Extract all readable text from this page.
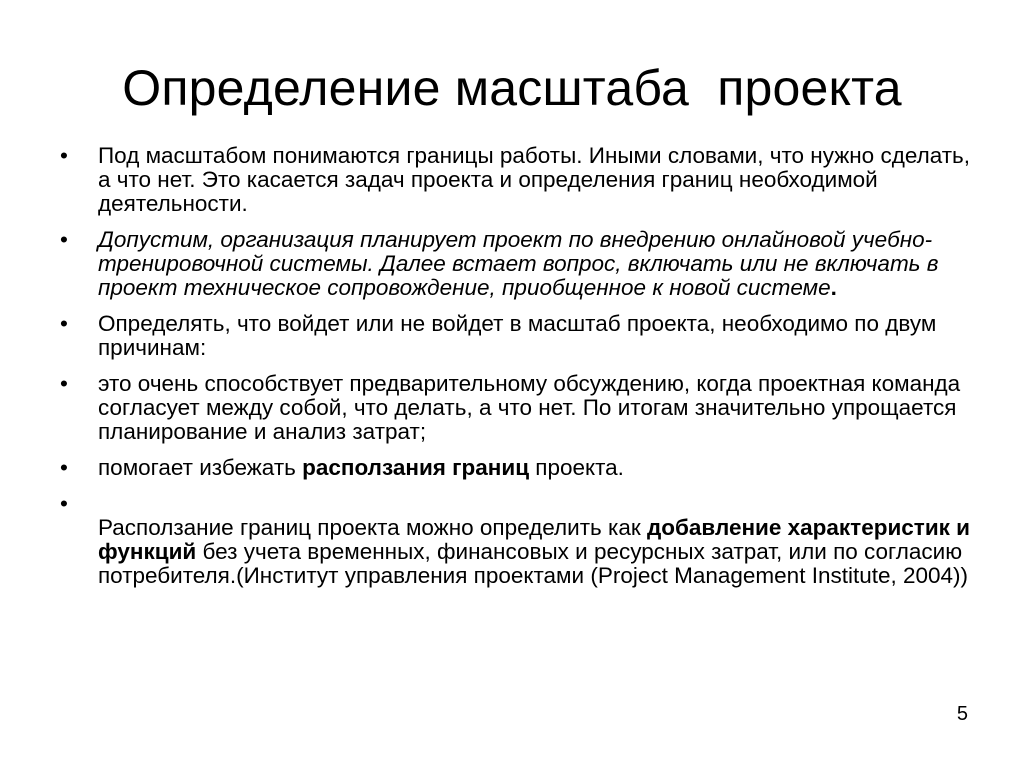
Определение масштаба  проекта
•	Под масштабом понимаются границы работы. Иными словами, что нужно сделать, а что нет. Это касается задач проекта и определения границ необходимой деятельности.
•	Допустим, организация планирует проект по внедрению онлайновой учебно-тренировочной системы. Далее встает вопрос, включать или не включать в проект техническое сопровождение, приобщенное к новой системе.
•	Определять, что войдет или не войдет в масштаб проекта, необходимо по двум причинам:
•	это очень способствует предварительному обсуждению, когда проектная команда согласует между собой, что делать, а что нет. По итогам значительно упрощается планирование и анализ затрат;
•	помогает избежать расползания границ проекта.
•
Расползание границ проекта можно определить как добавление характеристик и функций без учета временных, финансовых и ресурсных затрат, или по согласию потребителя.(Институт управления проектами (Project Management Institute, 2004))
5
